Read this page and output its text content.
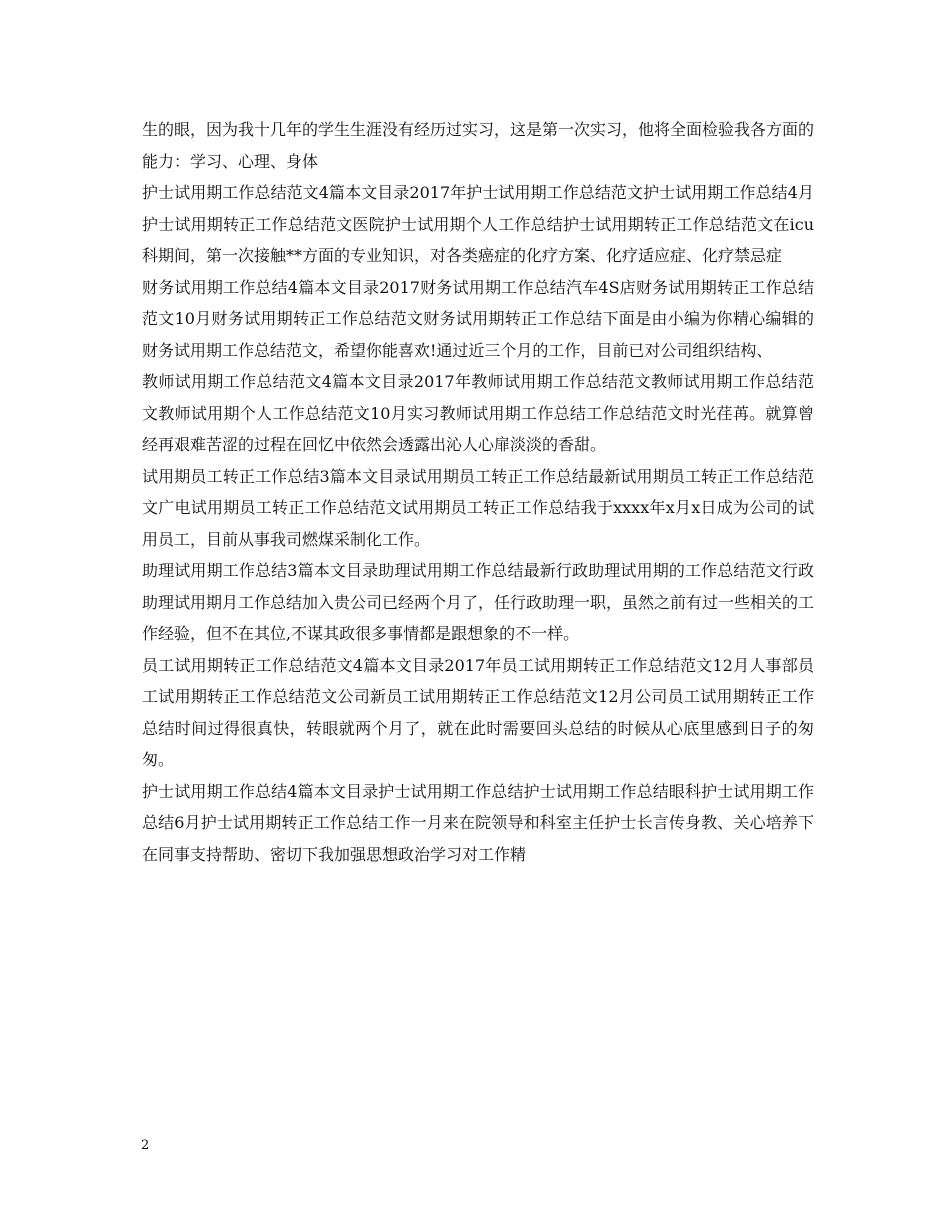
生的眼，因为我十几年的学生生涯没有经历过实习，这是第一次实习，他将全面检验我各方面的能力：学习、心理、身体

护士试用期工作总结范文4篇本文目录2017年护士试用期工作总结范文护士试用期工作总结4月护士试用期转正工作总结范文医院护士试用期个人工作总结护士试用期转正工作总结范文在icu科期间，第一次接触**方面的专业知识，对各类癌症的化疗方案、化疗适应症、化疗禁忌症

财务试用期工作总结4篇本文目录2017财务试用期工作总结汽车4S店财务试用期转正工作总结范文10月财务试用期转正工作总结范文财务试用期转正工作总结下面是由小编为你精心编辑的财务试用期工作总结范文，希望你能喜欢!通过近三个月的工作，目前已对公司组织结构、

教师试用期工作总结范文4篇本文目录2017年教师试用期工作总结范文教师试用期工作总结范文教师试用期个人工作总结范文10月实习教师试用期工作总结工作总结范文时光荏苒。就算曾经再艰难苦涩的过程在回忆中依然会透露出沁人心扉淡淡的香甜。

试用期员工转正工作总结3篇本文目录试用期员工转正工作总结最新试用期员工转正工作总结范文广电试用期员工转正工作总结范文试用期员工转正工作总结我于xxxx年x月x日成为公司的试用员工，目前从事我司燃煤采制化工作。

助理试用期工作总结3篇本文目录助理试用期工作总结最新行政助理试用期的工作总结范文行政助理试用期月工作总结加入贵公司已经两个月了，任行政助理一职，虽然之前有过一些相关的工作经验，但不在其位,不谋其政很多事情都是跟想象的不一样。

员工试用期转正工作总结范文4篇本文目录2017年员工试用期转正工作总结范文12月人事部员工试用期转正工作总结范文公司新员工试用期转正工作总结范文12月公司员工试用期转正工作总结时间过得很真快，转眼就两个月了，就在此时需要回头总结的时候从心底里感到日子的匆匆。

护士试用期工作总结4篇本文目录护士试用期工作总结护士试用期工作总结眼科护士试用期工作总结6月护士试用期转正工作总结工作一月来在院领导和科室主任护士长言传身教、关心培养下在同事支持帮助、密切下我加强思想政治学习对工作精

2
